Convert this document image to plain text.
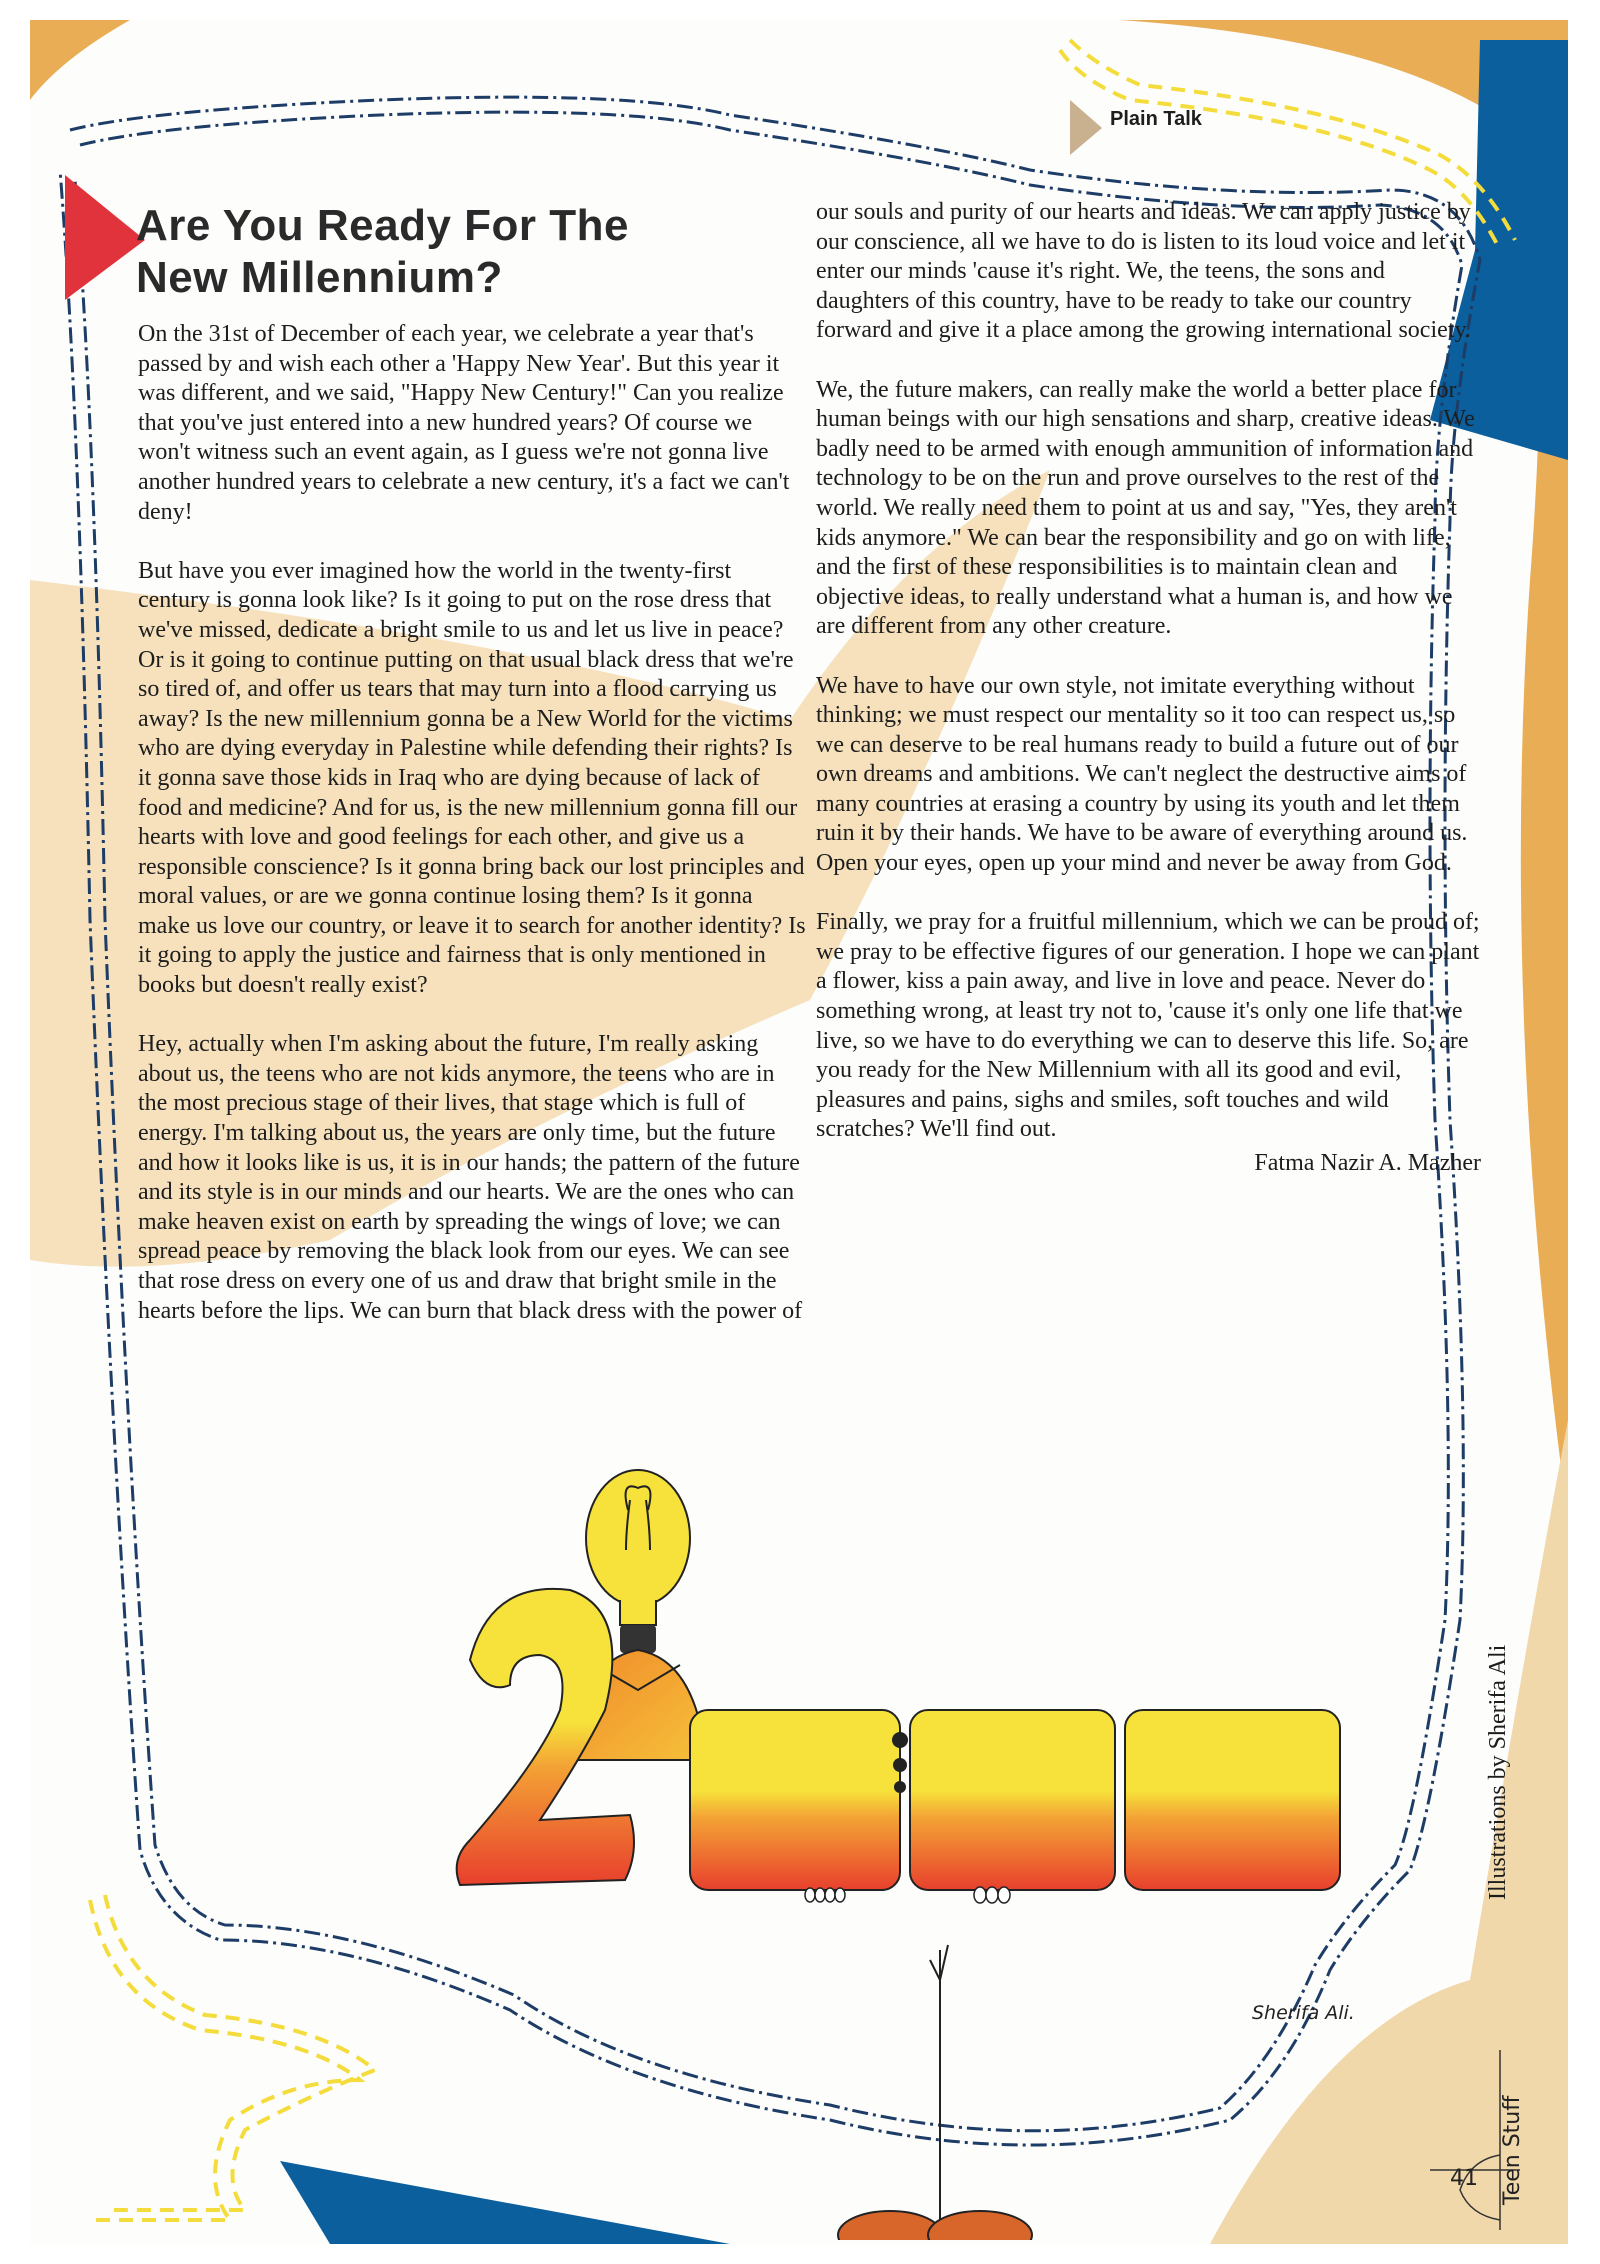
Plain Talk
Are You Ready For The
New Millennium?

On the 31st of December of each year, we celebrate a year that's passed by and wish each other a 'Happy New Year'. But this year it was different, and we said, "Happy New Century!" Can you realize that you've just entered into a new hundred years? Of course we won't witness such an event again, as I guess we're not gonna live another hundred years to celebrate a new century, it's a fact we can't deny!

But have you ever imagined how the world in the twenty-first century is gonna look like? Is it going to put on the rose dress that we've missed, dedicate a bright smile to us and let us live in peace? Or is it going to continue putting on that usual black dress that we're so tired of, and offer us tears that may turn into a flood carrying us away? Is the new millennium gonna be a New World for the victims who are dying everyday in Palestine while defending their rights? Is it gonna save those kids in Iraq who are dying because of lack of food and medicine? And for us, is the new millennium gonna fill our hearts with love and good feelings for each other, and give us a responsible conscience? Is it gonna bring back our lost principles and moral values, or are we gonna continue losing them? Is it gonna make us love our country, or leave it to search for another identity? Is it going to apply the justice and fairness that is only mentioned in books but doesn't really exist?

Hey, actually when I'm asking about the future, I'm really asking about us, the teens who are not kids anymore, the teens who are in the most precious stage of their lives, that stage which is full of energy. I'm talking about us, the years are only time, but the future and how it looks like is us, it is in our hands; the pattern of the future and its style is in our minds and our hearts. We are the ones who can make heaven exist on earth by spreading the wings of love; we can spread peace by removing the black look from our eyes. We can see that rose dress on every one of us and draw that bright smile in the hearts before the lips. We can burn that black dress with the power of

our souls and purity of our hearts and ideas. We can apply justice by our conscience, all we have to do is listen to its loud voice and let it enter our minds 'cause it's right. We, the teens, the sons and daughters of this country, have to be ready to take our country forward and give it a place among the growing international society.

We, the future makers, can really make the world a better place for human beings with our high sensations and sharp, creative ideas. We badly need to be armed with enough ammunition of information and technology to be on the run and prove ourselves to the rest of the world. We really need them to point at us and say, "Yes, they aren't kids anymore." We can bear the responsibility and go on with life, and the first of these responsibilities is to maintain clean and objective ideas, to really understand what a human is, and how we are different from any other creature.

We have to have our own style, not imitate everything without thinking; we must respect our mentality so it too can respect us, so we can deserve to be real humans ready to build a future out of our own dreams and ambitions. We can't neglect the destructive aims of many countries at erasing a country by using its youth and let them ruin it by their hands. We have to be aware of everything around us. Open your eyes, open up your mind and never be away from God.

Finally, we pray for a fruitful millennium, which we can be proud of; we pray to be effective figures of our generation. I hope we can plant a flower, kiss a pain away, and live in love and peace. Never do something wrong, at least try not to, 'cause it's only one life that we live, so we have to do everything we can to deserve this life. So, are you ready for the New Millennium with all its good and evil, pleasures and pains, sighs and smiles, soft touches and wild scratches? We'll find out.

Fatma Nazir A. Mazher

Sherifa Ali.
Illustrations by Sherifa Ali
Teen Stuff
41
